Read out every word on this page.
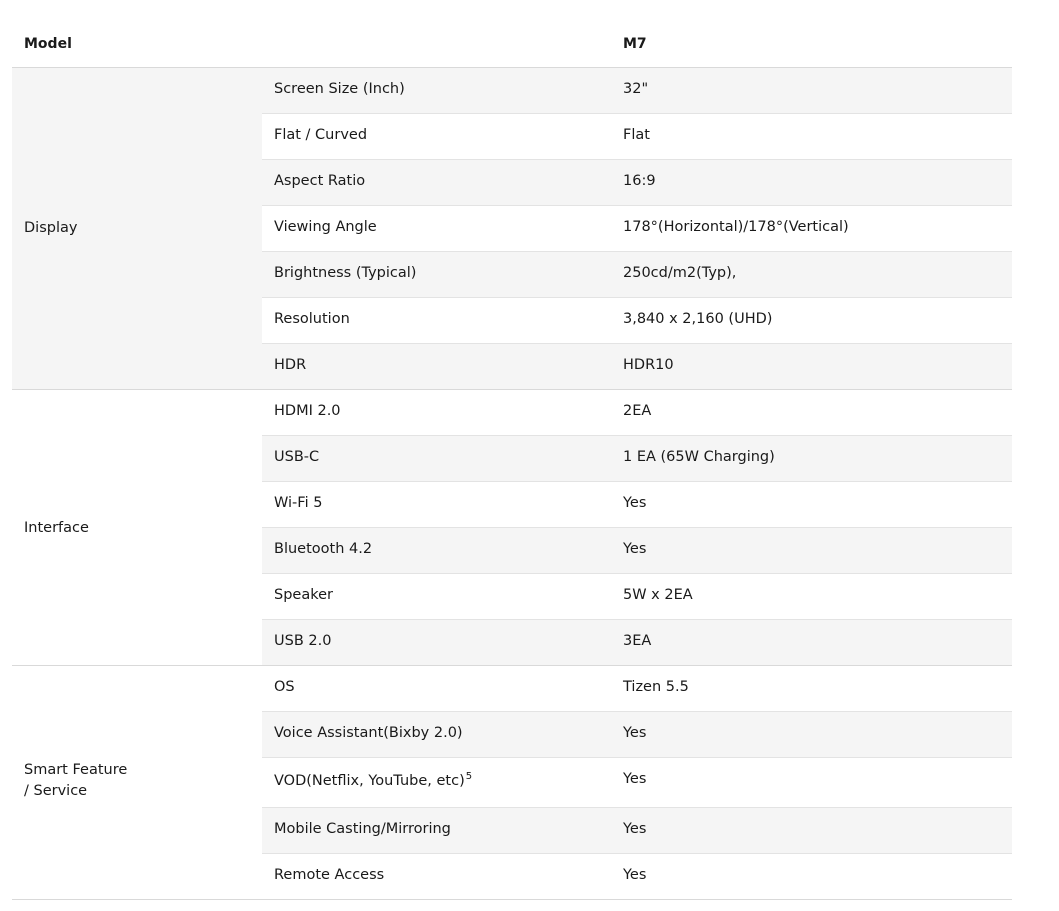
Model	M7
Display
Screen Size (Inch)	32"
Flat / Curved	Flat
Aspect Ratio	16:9
Viewing Angle	178°(Horizontal)/178°(Vertical)
Brightness (Typical)	250cd/m2(Typ),
Resolution	3,840 x 2,160 (UHD)
HDR	HDR10
Interface
HDMI 2.0	2EA
USB-C	1 EA (65W Charging)
Wi-Fi 5	Yes
Bluetooth 4.2	Yes
Speaker	5W x 2EA
USB 2.0	3EA
Smart Feature
/ Service
OS	Tizen 5.5
Voice Assistant(Bixby 2.0)	Yes
VOD(Netflix, YouTube, etc)$^5$	Yes
Mobile Casting/Mirroring	Yes
Remote Access	Yes
